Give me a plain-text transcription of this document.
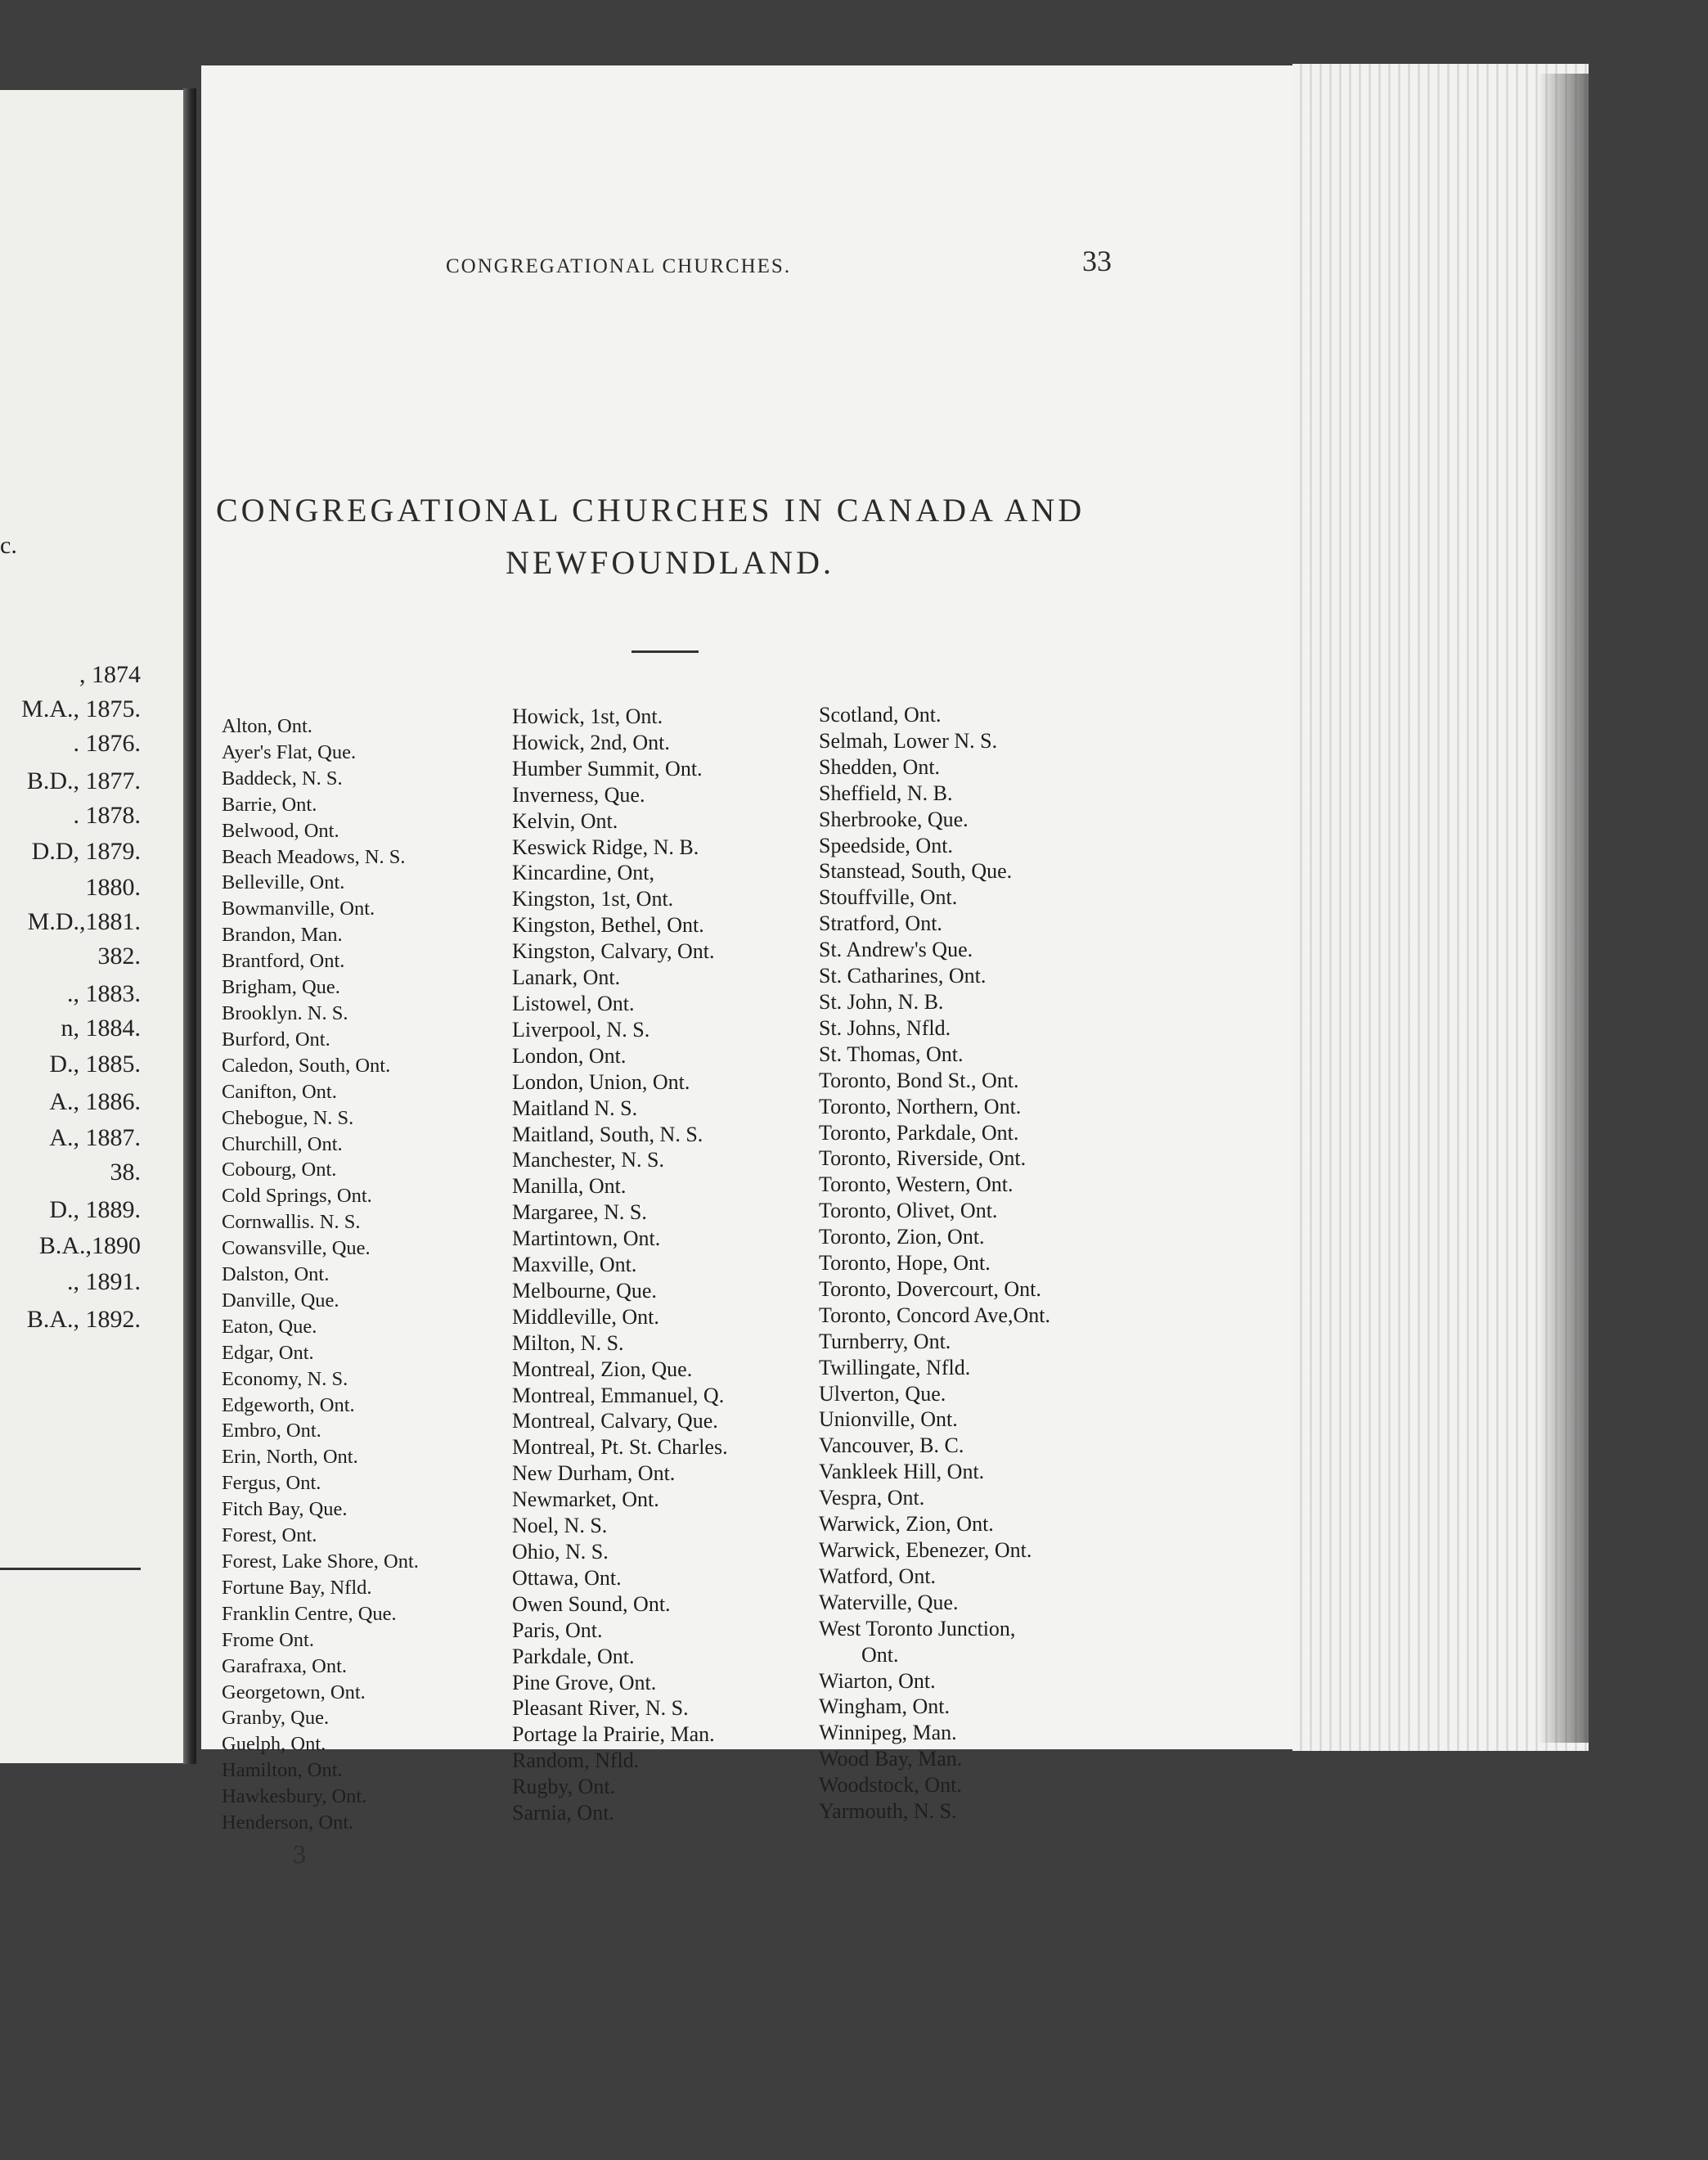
c.
, 1874
M.A., 1875.
. 1876.
B.D., 1877.
. 1878.
D.D, 1879.
1880.
M.D.,1881.
382.
., 1883.
n, 1884.
D., 1885.
A., 1886.
A., 1887.
38.
D., 1889.
B.A.,1890
., 1891.
B.A., 1892.
CONGREGATIONAL CHURCHES.	33
CONGREGATIONAL CHURCHES IN CANADA AND
NEWFOUNDLAND.
Alton, Ont.
Ayer's Flat, Que.
Baddeck, N. S.
Barrie, Ont.
Belwood, Ont.
Beach Meadows, N. S.
Belleville, Ont.
Bowmanville, Ont.
Brandon, Man.
Brantford, Ont.
Brigham, Que.
Brooklyn. N. S.
Burford, Ont.
Caledon, South, Ont.
Canifton, Ont.
Chebogue, N. S.
Churchill, Ont.
Cobourg, Ont.
Cold Springs, Ont.
Cornwallis. N. S.
Cowansville, Que.
Dalston, Ont.
Danville, Que.
Eaton, Que.
Edgar, Ont.
Economy, N. S.
Edgeworth, Ont.
Embro, Ont.
Erin, North, Ont.
Fergus, Ont.
Fitch Bay, Que.
Forest, Ont.
Forest, Lake Shore, Ont.
Fortune Bay, Nfld.
Franklin Centre, Que.
Frome Ont.
Garafraxa, Ont.
Georgetown, Ont.
Granby, Que.
Guelph, Ont.
Hamilton, Ont.
Hawkesbury, Ont.
Henderson, Ont.
Howick, 1st, Ont.
Howick, 2nd, Ont.
Humber Summit, Ont.
Inverness, Que.
Kelvin, Ont.
Keswick Ridge, N. B.
Kincardine, Ont,
Kingston, 1st, Ont.
Kingston, Bethel, Ont.
Kingston, Calvary, Ont.
Lanark, Ont.
Listowel, Ont.
Liverpool, N. S.
London, Ont.
London, Union, Ont.
Maitland N. S.
Maitland, South, N. S.
Manchester, N. S.
Manilla, Ont.
Margaree, N. S.
Martintown, Ont.
Maxville, Ont.
Melbourne, Que.
Middleville, Ont.
Milton, N. S.
Montreal, Zion, Que.
Montreal, Emmanuel, Q.
Montreal, Calvary, Que.
Montreal, Pt. St. Charles.
New Durham, Ont.
Newmarket, Ont.
Noel, N. S.
Ohio, N. S.
Ottawa, Ont.
Owen Sound, Ont.
Paris, Ont.
Parkdale, Ont.
Pine Grove, Ont.
Pleasant River, N. S.
Portage la Prairie, Man.
Random, Nfld.
Rugby, Ont.
Sarnia, Ont.
Scotland, Ont.
Selmah, Lower N. S.
Shedden, Ont.
Sheffield, N. B.
Sherbrooke, Que.
Speedside, Ont.
Stanstead, South, Que.
Stouffville, Ont.
Stratford, Ont.
St. Andrew's Que.
St. Catharines, Ont.
St. John, N. B.
St. Johns, Nfld.
St. Thomas, Ont.
Toronto, Bond St., Ont.
Toronto, Northern, Ont.
Toronto, Parkdale, Ont.
Toronto, Riverside, Ont.
Toronto, Western, Ont.
Toronto, Olivet, Ont.
Toronto, Zion, Ont.
Toronto, Hope, Ont.
Toronto, Dovercourt, Ont.
Toronto, Concord Ave,Ont.
Turnberry, Ont.
Twillingate, Nfld.
Ulverton, Que.
Unionville, Ont.
Vancouver, B. C.
Vankleek Hill, Ont.
Vespra, Ont.
Warwick, Zion, Ont.
Warwick, Ebenezer, Ont.
Watford, Ont.
Waterville, Que.
West Toronto Junction,
Ont.
Wiarton, Ont.
Wingham, Ont.
Winnipeg, Man.
Wood Bay, Man.
Woodstock, Ont.
Yarmouth, N. S.
3
